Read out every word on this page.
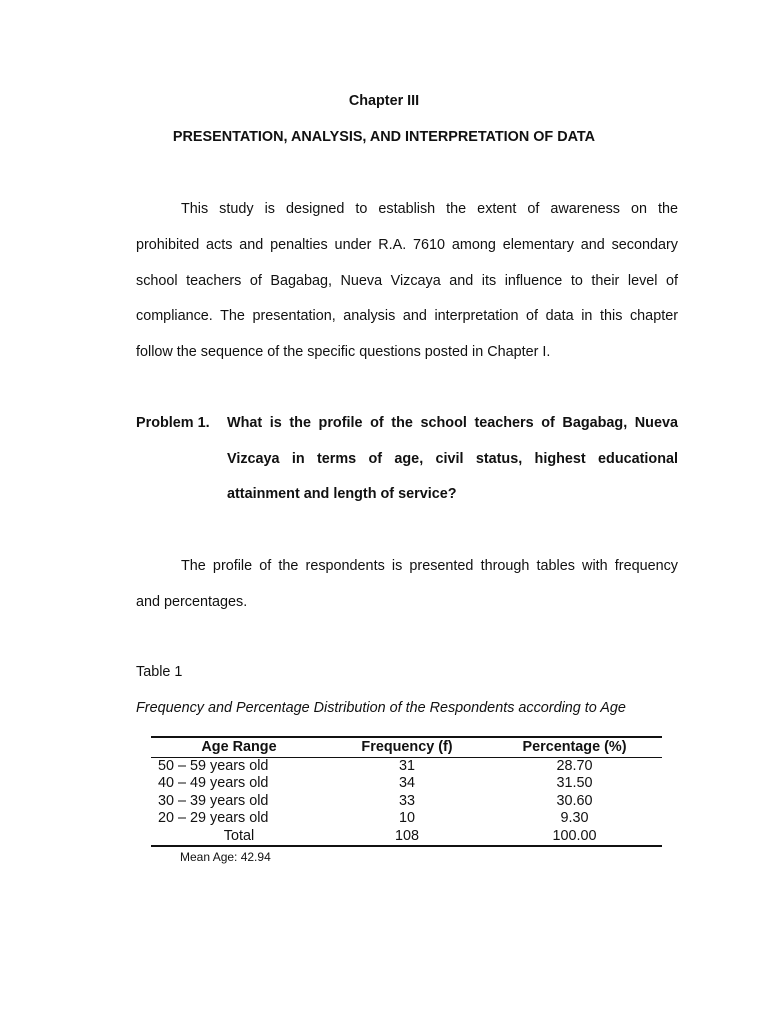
Chapter III
PRESENTATION, ANALYSIS, AND INTERPRETATION OF DATA
This study is designed to establish the extent of awareness on the
prohibited acts and penalties under R.A. 7610 among elementary and secondary
school teachers of Bagabag, Nueva Vizcaya and its influence to their level of
compliance. The presentation, analysis and interpretation of data in this chapter
follow the sequence of the specific questions posted in Chapter I.
Problem 1. What is the profile of the school teachers of Bagabag, Nueva
Vizcaya in terms of age, civil status, highest educational
attainment and length of service?
The profile of the respondents is presented through tables with frequency
and percentages.
Table 1
Frequency and Percentage Distribution of the Respondents according to Age
Age Range	Frequency (f)	Percentage (%)
50 – 59 years old	31	28.70
40 – 49 years old	34	31.50
30 – 39 years old	33	30.60
20 – 29 years old	10	9.30
Total	108	100.00
Mean Age: 42.94
